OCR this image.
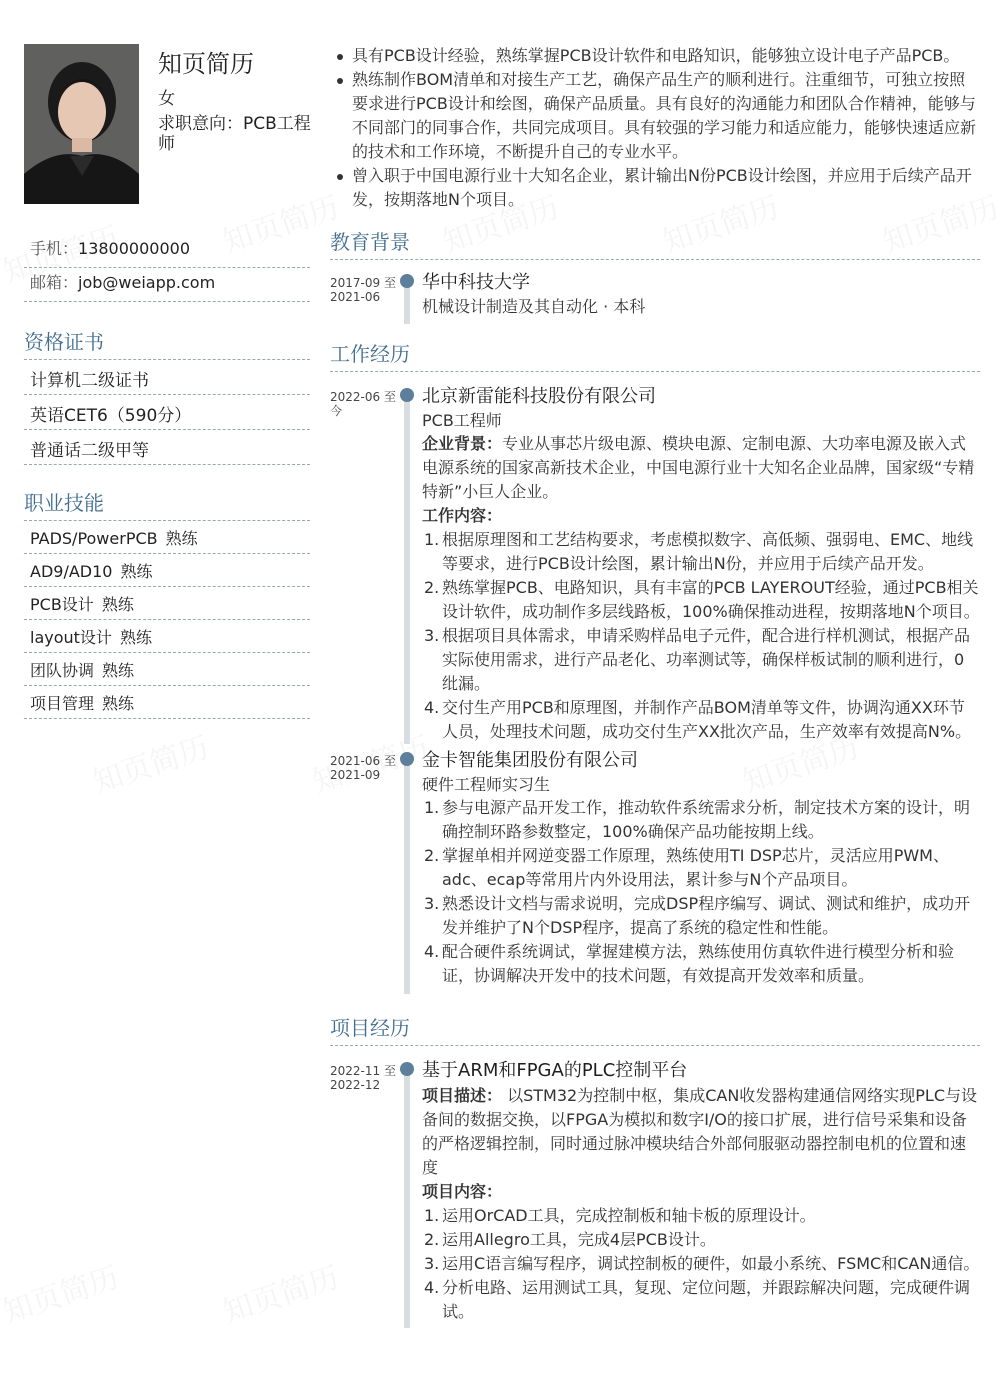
知页简历
女
求职意向：PCB工程师
手机：13800000000
邮箱：job@weiapp.com
资格证书
计算机二级证书
英语CET6（590分）
普通话二级甲等
职业技能
PADS/PowerPCB 熟练
AD9/AD10 熟练
PCB设计 熟练
layout设计 熟练
团队协调 熟练
项目管理 熟练
具有PCB设计经验，熟练掌握PCB设计软件和电路知识，能够独立设计电子产品PCB。
熟练制作BOM清单和对接生产工艺，确保产品生产的顺利进行。注重细节，可独立按照要求进行PCB设计和绘图，确保产品质量。具有良好的沟通能力和团队合作精神，能够与不同部门的同事合作，共同完成项目。具有较强的学习能力和适应能力，能够快速适应新的技术和工作环境，不断提升自己的专业水平。
曾入职于中国电源行业十大知名企业，累计输出N份PCB设计绘图，并应用于后续产品开发，按期落地N个项目。
教育背景
2017-09 至
2021-06
华中科技大学
机械设计制造及其自动化 · 本科
工作经历
2022-06 至
今
北京新雷能科技股份有限公司
PCB工程师
企业背景：专业从事芯片级电源、模块电源、定制电源、大功率电源及嵌入式电源系统的国家高新技术企业，中国电源行业十大知名企业品牌，国家级“专精特新”小巨人企业。
工作内容：
1. 根据原理图和工艺结构要求，考虑模拟数字、高低频、强弱电、EMC、地线等要求，进行PCB设计绘图，累计输出N份，并应用于后续产品开发。
2. 熟练掌握PCB、电路知识，具有丰富的PCB LAYEROUT经验，通过PCB相关设计软件，成功制作多层线路板，100%确保推动进程，按期落地N个项目。
3. 根据项目具体需求，申请采购样品电子元件，配合进行样机测试，根据产品实际使用需求，进行产品老化、功率测试等，确保样板试制的顺利进行，0纰漏。
4. 交付生产用PCB和原理图，并制作产品BOM清单等文件，协调沟通XX环节人员，处理技术问题，成功交付生产XX批次产品，生产效率有效提高N%。
2021-06 至
2021-09
金卡智能集团股份有限公司
硬件工程师实习生
1. 参与电源产品开发工作，推动软件系统需求分析，制定技术方案的设计，明确控制环路参数整定，100%确保产品功能按期上线。
2. 掌握单相并网逆变器工作原理，熟练使用TI DSP芯片，灵活应用PWM、adc、ecap等常用片内外设用法，累计参与N个产品项目。
3. 熟悉设计文档与需求说明，完成DSP程序编写、调试、测试和维护，成功开发并维护了N个DSP程序，提高了系统的稳定性和性能。
4. 配合硬件系统调试，掌握建模方法，熟练使用仿真软件进行模型分析和验证，协调解决开发中的技术问题，有效提高开发效率和质量。
项目经历
2022-11 至
2022-12
基于ARM和FPGA的PLC控制平台
项目描述： 以STM32为控制中枢，集成CAN收发器构建通信网络实现PLC与设备间的数据交换，以FPGA为模拟和数字I/O的接口扩展，进行信号采集和设备的严格逻辑控制，同时通过脉冲模块结合外部伺服驱动器控制电机的位置和速度
项目内容：
1. 运用OrCAD工具，完成控制板和轴卡板的原理设计。
2. 运用Allegro工具，完成4层PCB设计。
3. 运用C语言编写程序，调试控制板的硬件，如最小系统、FSMC和CAN通信。
4. 分析电路、运用测试工具，复现、定位问题，并跟踪解决问题，完成硬件调试。
